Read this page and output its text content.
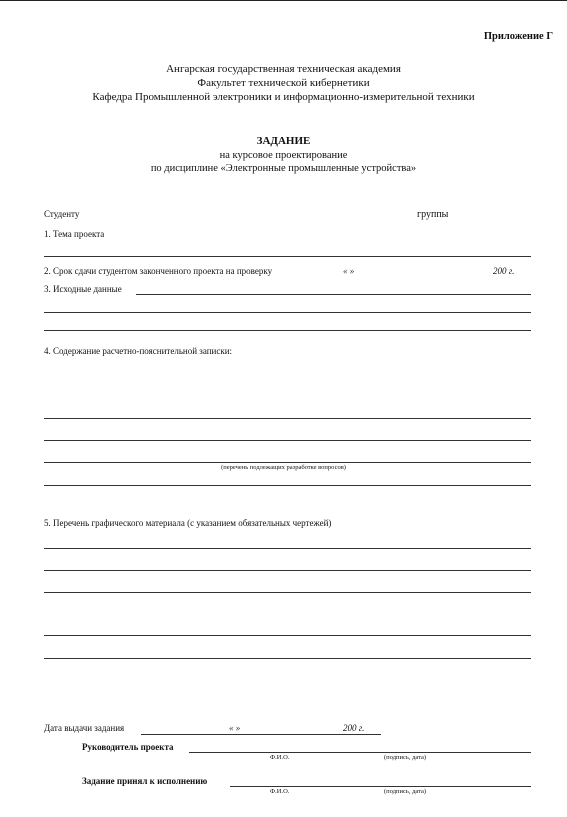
Приложение Г
Ангарская государственная техническая академия
Факультет технической кибернетики
Кафедра Промышленной электроники и информационно-измерительной техники
ЗАДАНИЕ
на курсовое проектирование
по дисциплине «Электронные промышленные устройства»
Студенту	группы
1. Тема проекта
2. Срок сдачи студентом законченного проекта на проверку	« »	200 г.
3. Исходные данные
4. Содержание расчетно-пояснительной записки:
(перечень подлежащих разработке вопросов)
5. Перечень графического материала (с указанием обязательных чертежей)
Дата выдачи задания	« »	200 г.
Руководитель проекта
Ф.И.О.	(подпись, дата)
Задание принял к исполнению
Ф.И.О.	(подпись, дата)
